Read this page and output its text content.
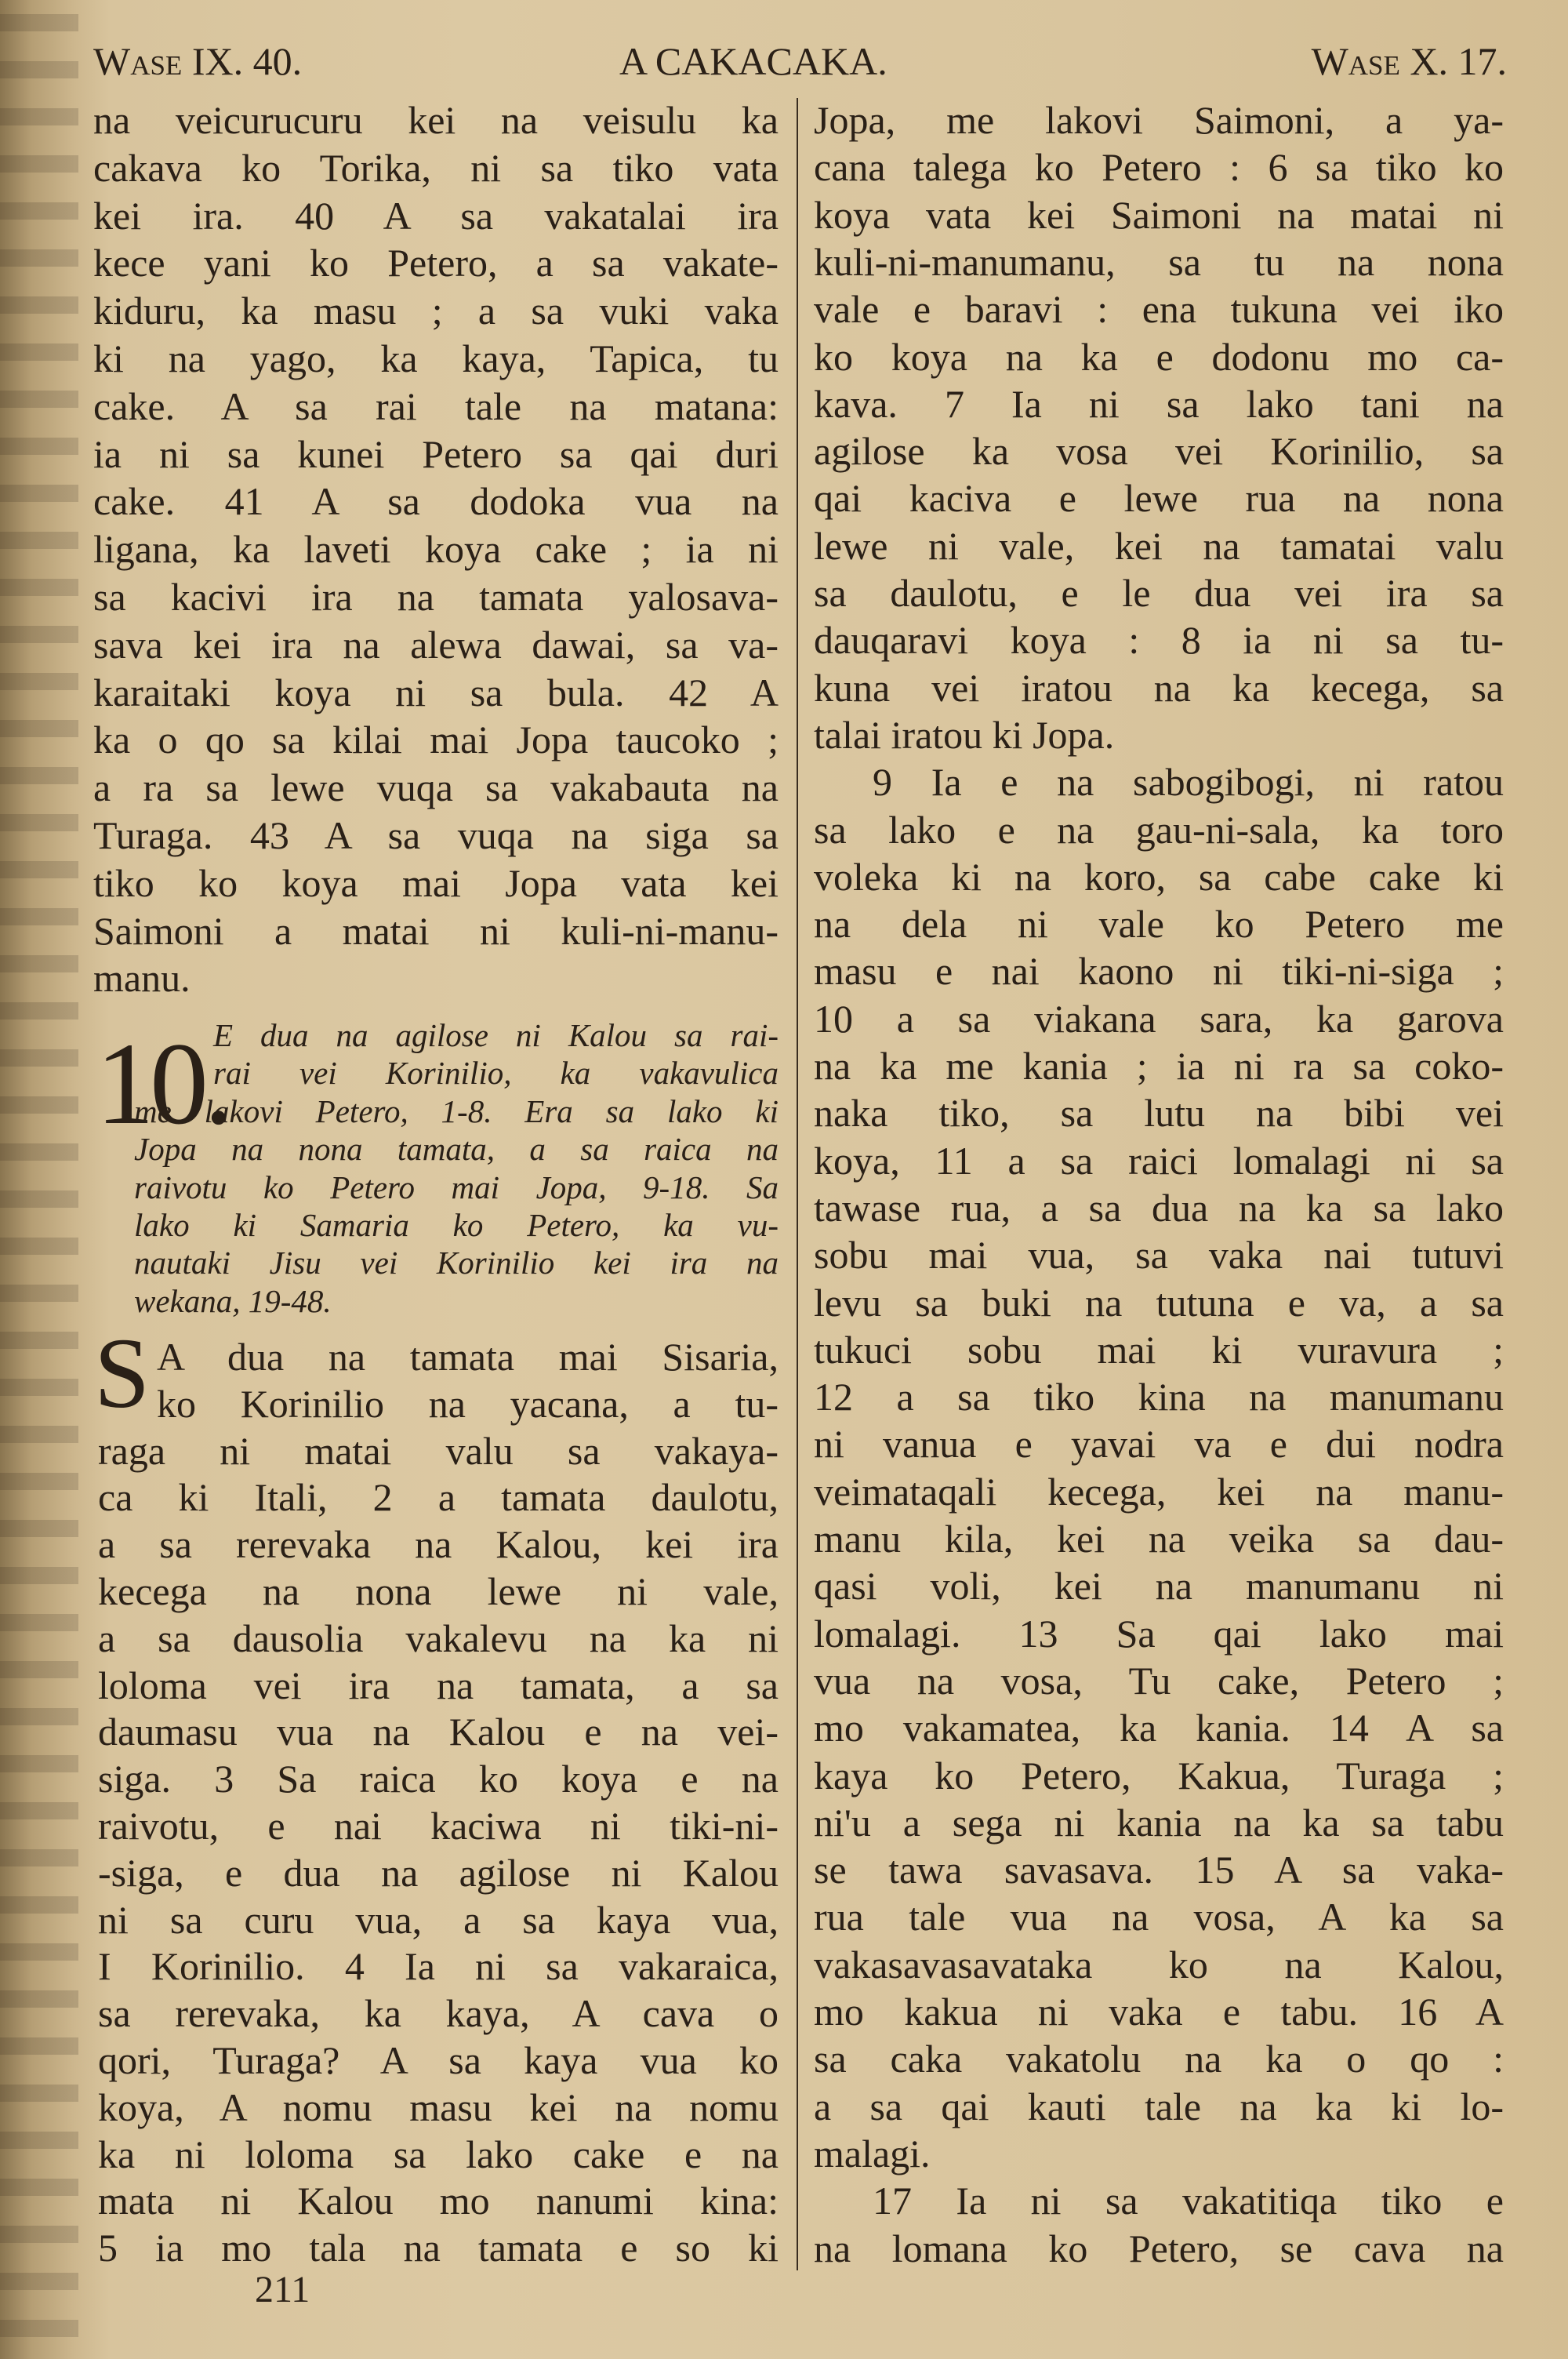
Wase IX. 40.	A CAKACAKA.	Wase X. 17.
na veicurucuru kei na veisulu ka
cakava ko Torika, ni sa tiko vata
kei ira. 40 A sa vakatalai ira
kece yani ko Petero, a sa vakate-
kiduru, ka masu ; a sa vuki vaka
ki na yago, ka kaya, Tapica, tu
cake. A sa rai tale na matana:
ia ni sa kunei Petero sa qai duri
cake. 41 A sa dodoka vua na
ligana, ka laveti koya cake ; ia ni
sa kacivi ira na tamata yalosava-
sava kei ira na alewa dawai, sa va-
karaitaki koya ni sa bula. 42 A
ka o qo sa kilai mai Jopa taucoko ;
a ra sa lewe vuqa sa vakabauta na
Turaga. 43 A sa vuqa na siga sa
tiko ko koya mai Jopa vata kei
Saimoni a matai ni kuli-ni-manu-
manu.
10.
E dua na agilose ni Kalou sa rai-
rai vei Korinilio, ka vakavulica
me lakovi Petero, 1-8. Era sa lako ki
Jopa na nona tamata, a sa raica na
raivotu ko Petero mai Jopa, 9-18. Sa
lako ki Samaria ko Petero, ka vu-
nautaki Jisu vei Korinilio kei ira na
wekana, 19-48.
S A dua na tamata mai Sisaria,
ko Korinilio na yacana, a tu-
raga ni matai valu sa vakaya-
ca ki Itali, 2 a tamata daulotu,
a sa rerevaka na Kalou, kei ira
kecega na nona lewe ni vale,
a sa dausolia vakalevu na ka ni
loloma vei ira na tamata, a sa
daumasu vua na Kalou e na vei-
siga. 3 Sa raica ko koya e na
raivotu, e nai kaciwa ni tiki-ni-
-siga, e dua na agilose ni Kalou
ni sa curu vua, a sa kaya vua,
I Korinilio. 4 Ia ni sa vakaraica,
sa rerevaka, ka kaya, A cava o
qori, Turaga? A sa kaya vua ko
koya, A nomu masu kei na nomu
ka ni loloma sa lako cake e na
mata ni Kalou mo nanumi kina:
5 ia mo tala na tamata e so ki
Jopa, me lakovi Saimoni, a ya-
cana talega ko Petero : 6 sa tiko ko
koya vata kei Saimoni na matai ni
kuli-ni-manumanu, sa tu na nona
vale e baravi : ena tukuna vei iko
ko koya na ka e dodonu mo ca-
kava. 7 Ia ni sa lako tani na
agilose ka vosa vei Korinilio, sa
qai kaciva e lewe rua na nona
lewe ni vale, kei na tamatai valu
sa daulotu, e le dua vei ira sa
dauqaravi koya : 8 ia ni sa tu-
kuna vei iratou na ka kecega, sa
talai iratou ki Jopa.
9 Ia e na sabogibogi, ni ratou
sa lako e na gau-ni-sala, ka toro
voleka ki na koro, sa cabe cake ki
na dela ni vale ko Petero me
masu e nai kaono ni tiki-ni-siga ;
10 a sa viakana sara, ka garova
na ka me kania ; ia ni ra sa coko-
naka tiko, sa lutu na bibi vei
koya, 11 a sa raici lomalagi ni sa
tawase rua, a sa dua na ka sa lako
sobu mai vua, sa vaka nai tutuvi
levu sa buki na tutuna e va, a sa
tukuci sobu mai ki vuravura ;
12 a sa tiko kina na manumanu
ni vanua e yavai va e dui nodra
veimataqali kecega, kei na manu-
manu kila, kei na veika sa dau-
qasi voli, kei na manumanu ni
lomalagi. 13 Sa qai lako mai
vua na vosa, Tu cake, Petero ;
mo vakamatea, ka kania. 14 A sa
kaya ko Petero, Kakua, Turaga ;
ni'u a sega ni kania na ka sa tabu
se tawa savasava. 15 A sa vaka-
rua tale vua na vosa, A ka sa
vakasavasavataka ko na Kalou,
mo kakua ni vaka e tabu. 16 A
sa caka vakatolu na ka o qo :
a sa qai kauti tale na ka ki lo-
malagi.
17 Ia ni sa vakatitiqa tiko e
na lomana ko Petero, se cava na
211
